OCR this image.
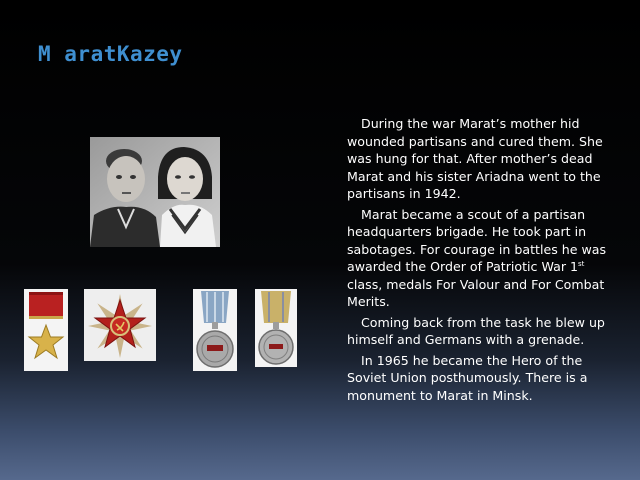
M aratKazey

During the war Marat’s mother hid wounded partisans and cured them. She was hung for that. After mother’s dead Marat and his sister Ariadna went to the partisans in 1942.

Marat became a scout of a partisan headquarters brigade. He took part in sabotages. For courage in battles he was awarded the Order of Patriotic War 1st class, medals For Valour and For Combat Merits.

Coming back from the task he blew up himself and Germans with a grenade.

In 1965 he became the Hero of the Soviet Union posthumously. There is a monument to Marat in Minsk.
